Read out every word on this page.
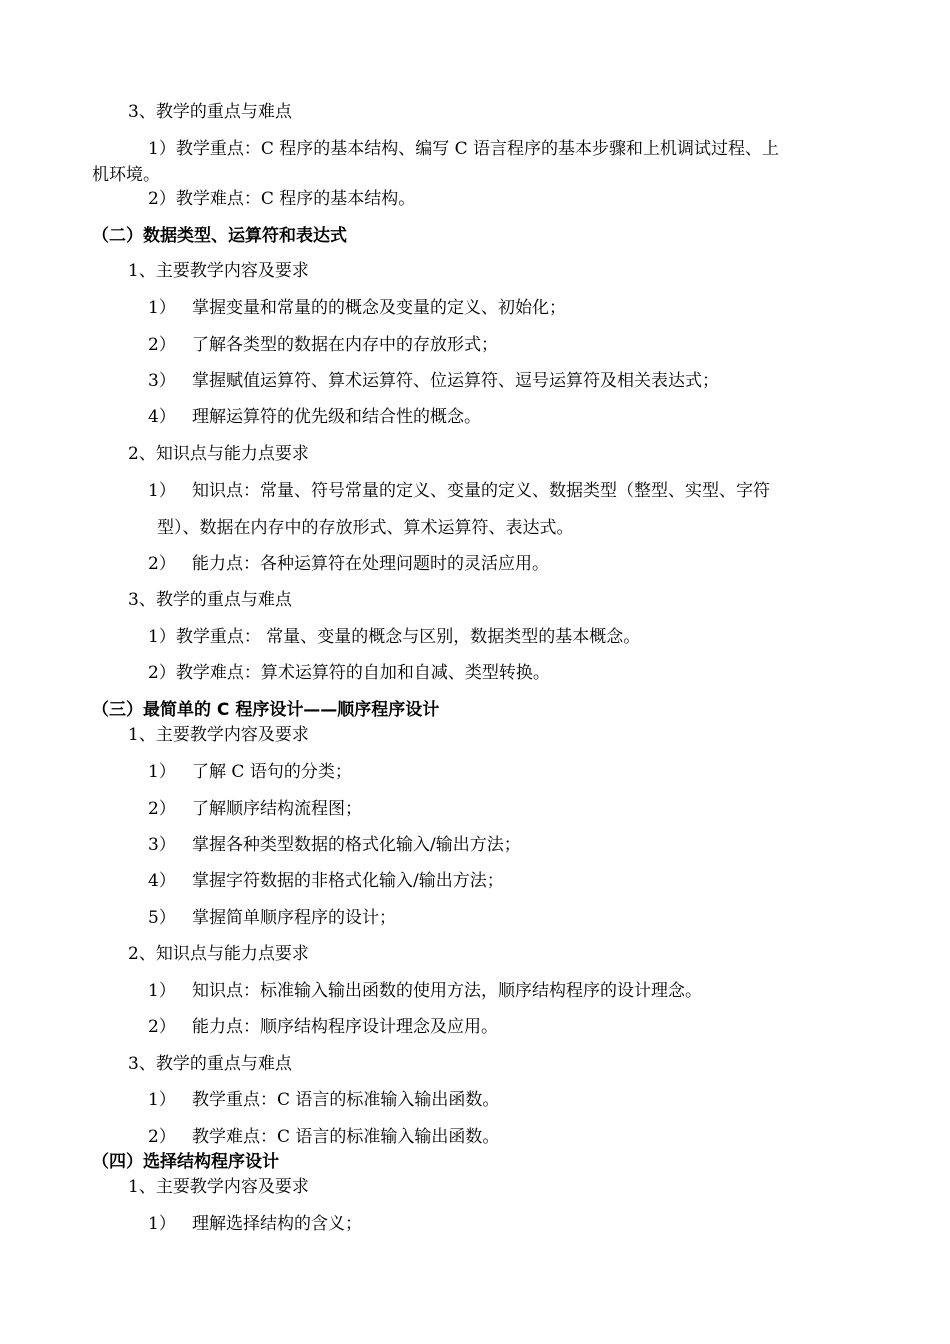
3、教学的重点与难点
1）教学重点：C 程序的基本结构、编写 C 语言程序的基本步骤和上机调试过程、上
机环境。
2）教学难点：C 程序的基本结构。
（二）数据类型、运算符和表达式
1、主要教学内容及要求
1） 掌握变量和常量的的概念及变量的定义、初始化；
2） 了解各类型的数据在内存中的存放形式；
3） 掌握赋值运算符、算术运算符、位运算符、逗号运算符及相关表达式；
4） 理解运算符的优先级和结合性的概念。
2、知识点与能力点要求
1） 知识点：常量、符号常量的定义、变量的定义、数据类型（整型、实型、字符
型）、数据在内存中的存放形式、算术运算符、表达式。
2） 能力点：各种运算符在处理问题时的灵活应用。
3、教学的重点与难点
1）教学重点： 常量、变量的概念与区别，数据类型的基本概念。
2）教学难点：算术运算符的自加和自减、类型转换。
（三）最简单的 C 程序设计——顺序程序设计
1、主要教学内容及要求
1） 了解 C 语句的分类；
2） 了解顺序结构流程图；
3） 掌握各种类型数据的格式化输入/输出方法；
4） 掌握字符数据的非格式化输入/输出方法；
5） 掌握简单顺序程序的设计；
2、知识点与能力点要求
1） 知识点：标准输入输出函数的使用方法，顺序结构程序的设计理念。
2） 能力点：顺序结构程序设计理念及应用。
3、教学的重点与难点
1） 教学重点：C 语言的标准输入输出函数。
2） 教学难点：C 语言的标准输入输出函数。
（四）选择结构程序设计
1、主要教学内容及要求
1） 理解选择结构的含义；
